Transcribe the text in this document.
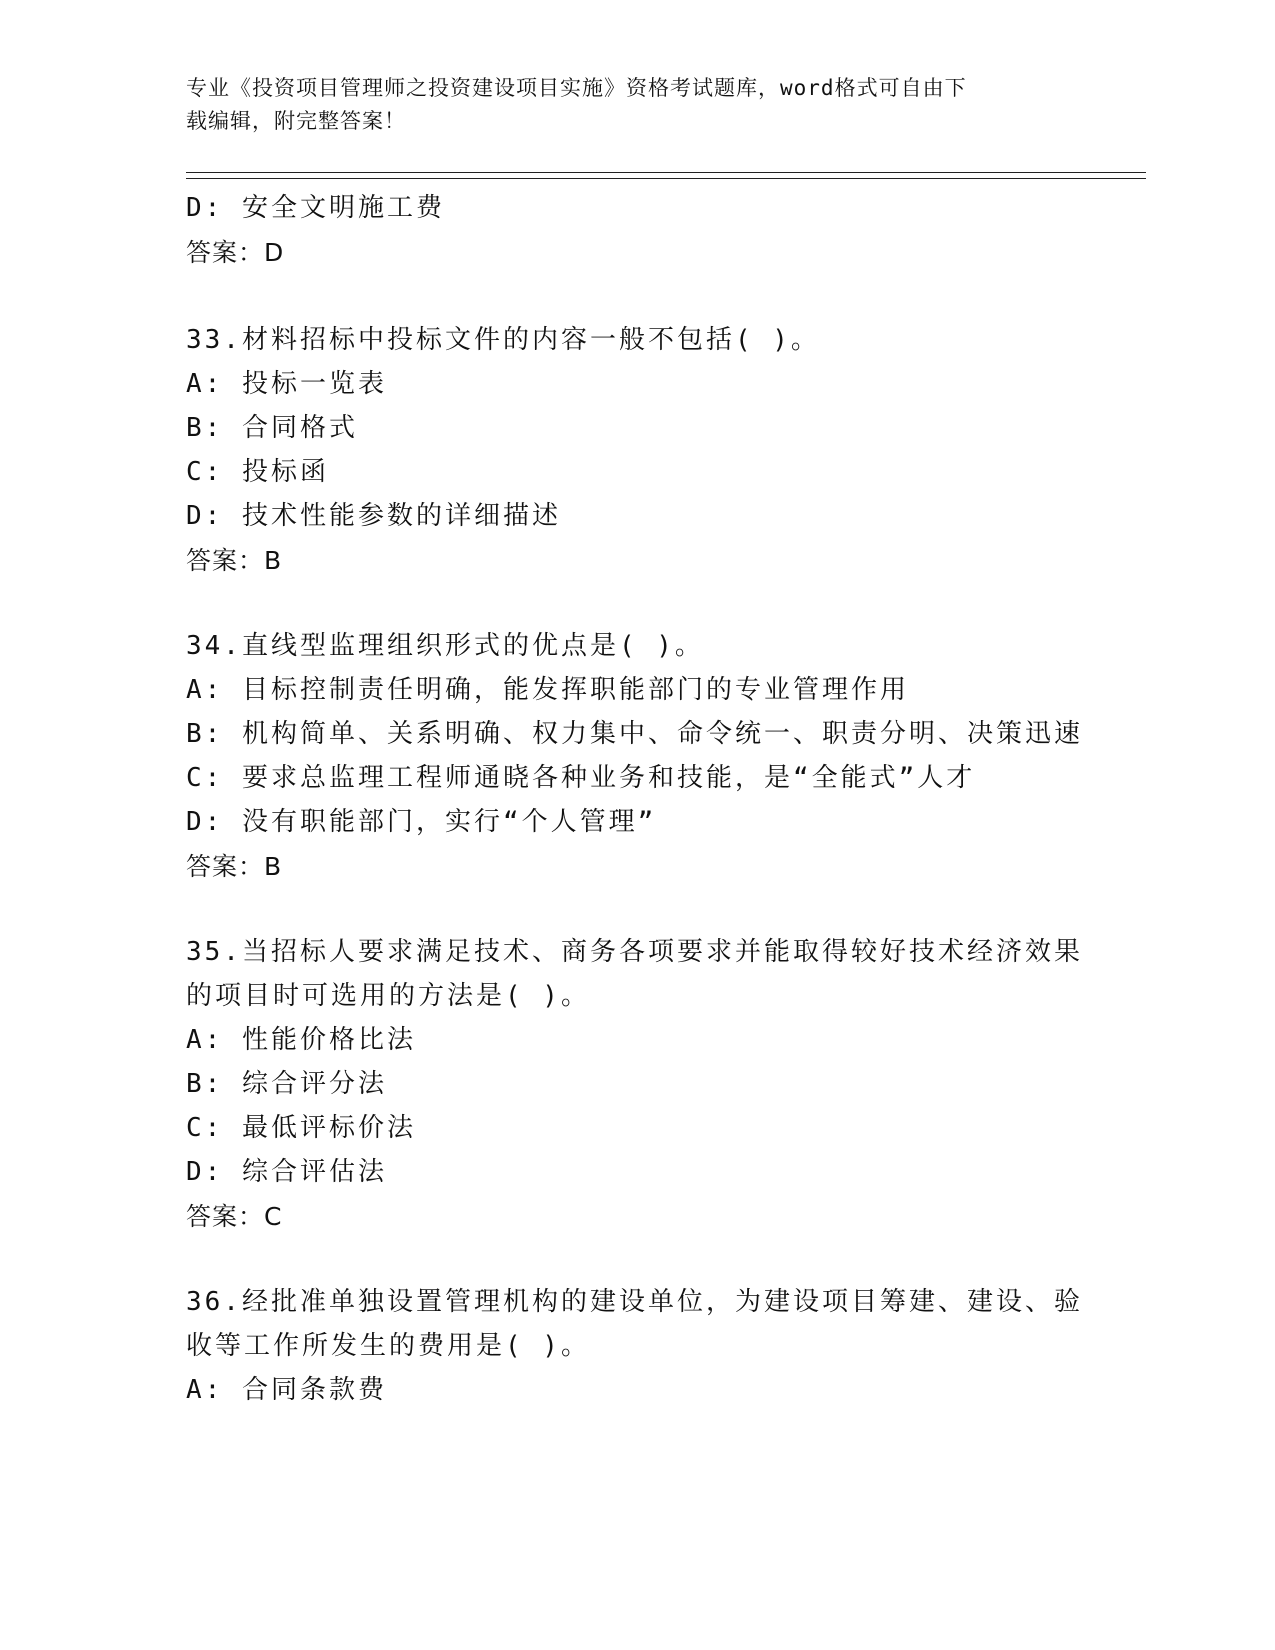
专业《投资项目管理师之投资建设项目实施》资格考试题库，word格式可自由下
载编辑，附完整答案！
D: 安全文明施工费
答案：D
33.材料招标中投标文件的内容一般不包括( )。
A: 投标一览表
B: 合同格式
C: 投标函
D: 技术性能参数的详细描述
答案：B
34.直线型监理组织形式的优点是( )。
A: 目标控制责任明确，能发挥职能部门的专业管理作用
B: 机构简单、关系明确、权力集中、命令统一、职责分明、决策迅速
C: 要求总监理工程师通晓各种业务和技能，是“全能式”人才
D: 没有职能部门，实行“个人管理”
答案：B
35.当招标人要求满足技术、商务各项要求并能取得较好技术经济效果
的项目时可选用的方法是( )。
A: 性能价格比法
B: 综合评分法
C: 最低评标价法
D: 综合评估法
答案：C
36.经批准单独设置管理机构的建设单位，为建设项目筹建、建设、验
收等工作所发生的费用是( )。
A: 合同条款费
